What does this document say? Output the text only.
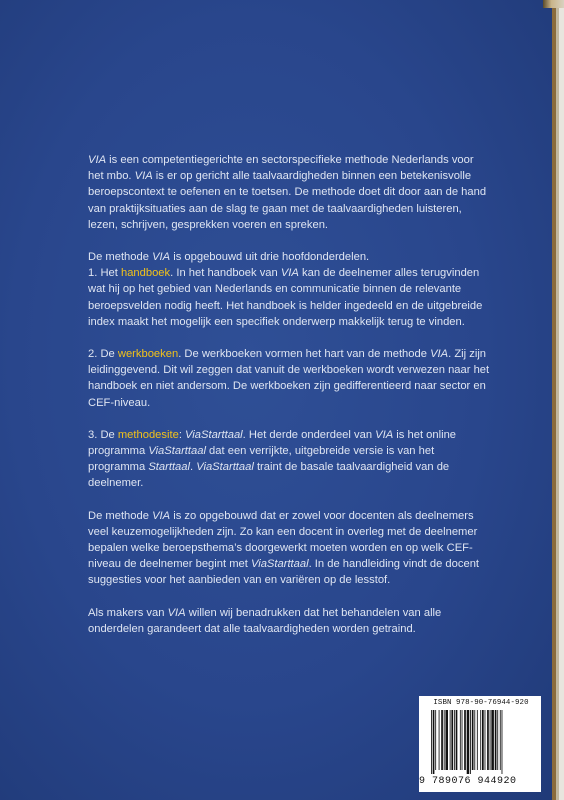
VIA is een competentiegerichte en sectorspecifieke methode Nederlands voor het mbo. VIA is er op gericht alle taalvaardigheden binnen een betekenisvolle beroepscontext te oefenen en te toetsen. De methode doet dit door aan de hand van praktijksituaties aan de slag te gaan met de taalvaardigheden luisteren, lezen, schrijven, gesprekken voeren en spreken.

De methode VIA is opgebouwd uit drie hoofdonderdelen.

1. Het handboek. In het handboek van VIA kan de deelnemer alles terugvinden wat hij op het gebied van Nederlands en communicatie binnen de relevante beroepsvelden nodig heeft. Het handboek is helder ingedeeld en de uitgebreide index maakt het mogelijk een specifiek onderwerp makkelijk terug te vinden.

2. De werkboeken. De werkboeken vormen het hart van de methode VIA. Zij zijn leidinggevend. Dit wil zeggen dat vanuit de werkboeken wordt verwezen naar het handboek en niet andersom. De werkboeken zijn gedifferentieerd naar sector en CEF-niveau.

3. De methodesite: ViaStarttaal. Het derde onderdeel van VIA is het online programma ViaStarttaal dat een verrijkte, uitgebreide versie is van het programma Starttaal. ViaStarttaal traint de basale taalvaardigheid van de deelnemer.

De methode VIA is zo opgebouwd dat er zowel voor docenten als deelnemers veel keuzemogelijkheden zijn. Zo kan een docent in overleg met de deelnemer bepalen welke beroepsthema’s doorgewerkt moeten worden en op welk CEF-niveau de deelnemer begint met ViaStarttaal. In de handleiding vindt de docent suggesties voor het aanbieden van en variëren op de lesstof.

Als makers van VIA willen wij benadrukken dat het behandelen van alle onderdelen garandeert dat alle taalvaardigheden worden getraind.

ISBN 978-90-76944-920
9 789076 944920
